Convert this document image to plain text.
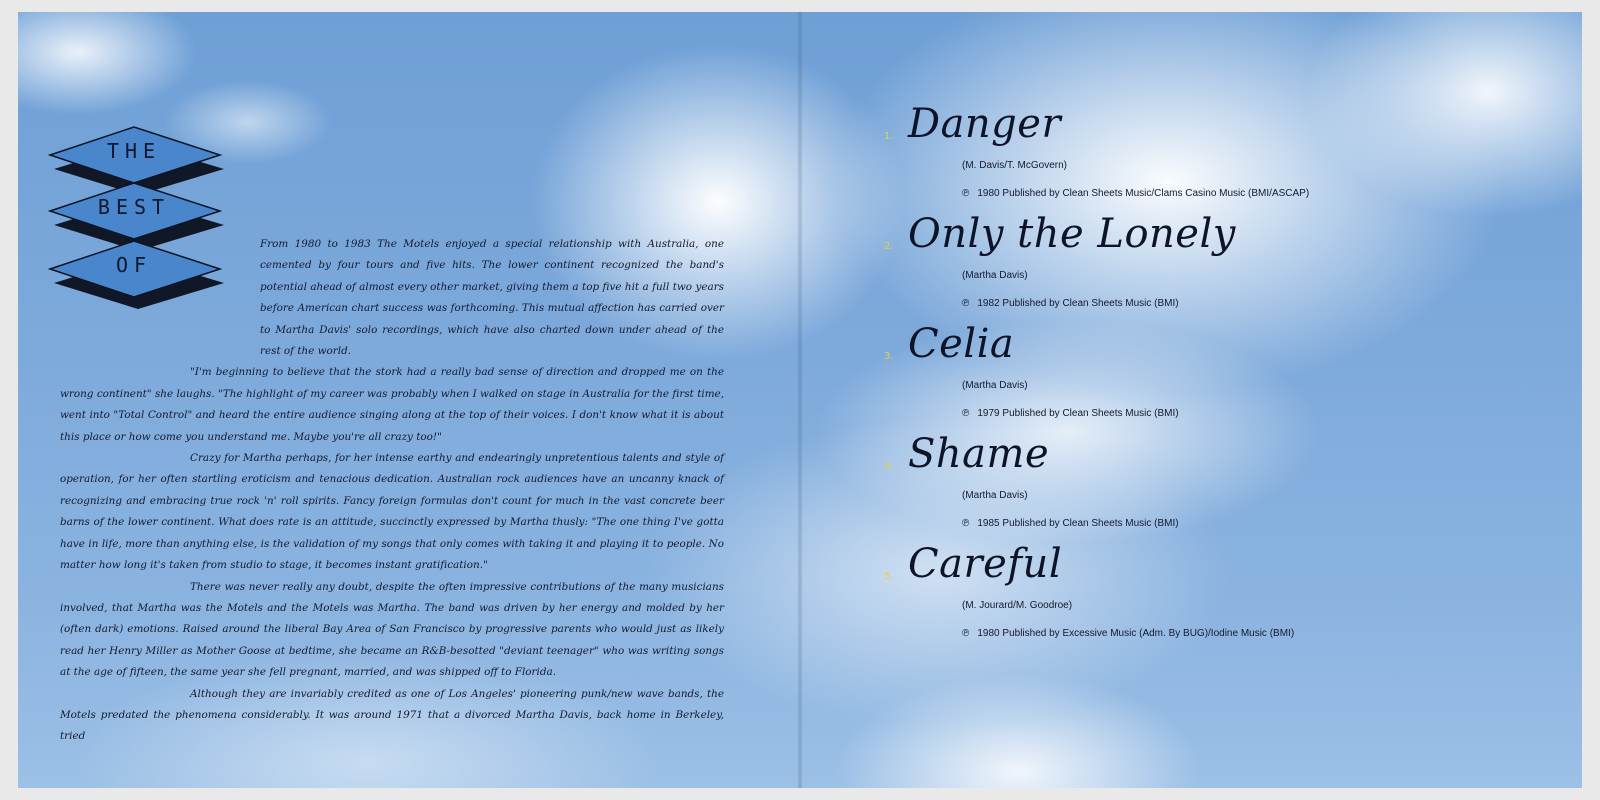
THE
BEST
OF

From 1980 to 1983 The Motels enjoyed a special relationship with Australia, one cemented by four tours and five hits. The lower continent recognized the band's potential ahead of almost every other market, giving them a top five hit a full two years before American chart success was forthcoming. This mutual affection has carried over to Martha Davis' solo recordings, which have also charted down under ahead of the rest of the world.

"I'm beginning to believe that the stork had a really bad sense of direction and dropped me on the wrong continent" she laughs. "The highlight of my career was probably when I walked on stage in Australia for the first time, went into "Total Control" and heard the entire audience singing along at the top of their voices. I don't know what it is about this place or how come you understand me. Maybe you're all crazy too!"

Crazy for Martha perhaps, for her intense earthy and endearingly unpretentious talents and style of operation, for her often startling eroticism and tenacious dedication. Australian rock audiences have an uncanny knack of recognizing and embracing true rock 'n' roll spirits. Fancy foreign formulas don't count for much in the vast concrete beer barns of the lower continent. What does rate is an attitude, succinctly expressed by Martha thusly: "The one thing I've gotta have in life, more than anything else, is the validation of my songs that only comes with taking it and playing it to people. No matter how long it's taken from studio to stage, it becomes instant gratification."

There was never really any doubt, despite the often impressive contributions of the many musicians involved, that Martha was the Motels and the Motels was Martha. The band was driven by her energy and molded by her (often dark) emotions. Raised around the liberal Bay Area of San Francisco by progressive parents who would just as likely read her Henry Miller as Mother Goose at bedtime, she became an R&B-besotted "deviant teenager" who was writing songs at the age of fifteen, the same year she fell pregnant, married, and was shipped off to Florida.

Although they are invariably credited as one of Los Angeles' pioneering punk/new wave bands, the Motels predated the phenomena considerably. It was around 1971 that a divorced Martha Davis, back home in Berkeley, tried

1. Danger
(M. Davis/T. McGovern)
℗ 1980 Published by Clean Sheets Music/Clams Casino Music (BMI/ASCAP)
2. Only the Lonely
(Martha Davis)
℗ 1982 Published by Clean Sheets Music (BMI)
3. Celia
(Martha Davis)
℗ 1979 Published by Clean Sheets Music (BMI)
4. Shame
(Martha Davis)
℗ 1985 Published by Clean Sheets Music (BMI)
5. Careful
(M. Jourard/M. Goodroe)
℗ 1980 Published by Excessive Music (Adm. By BUG)/Iodine Music (BMI)
